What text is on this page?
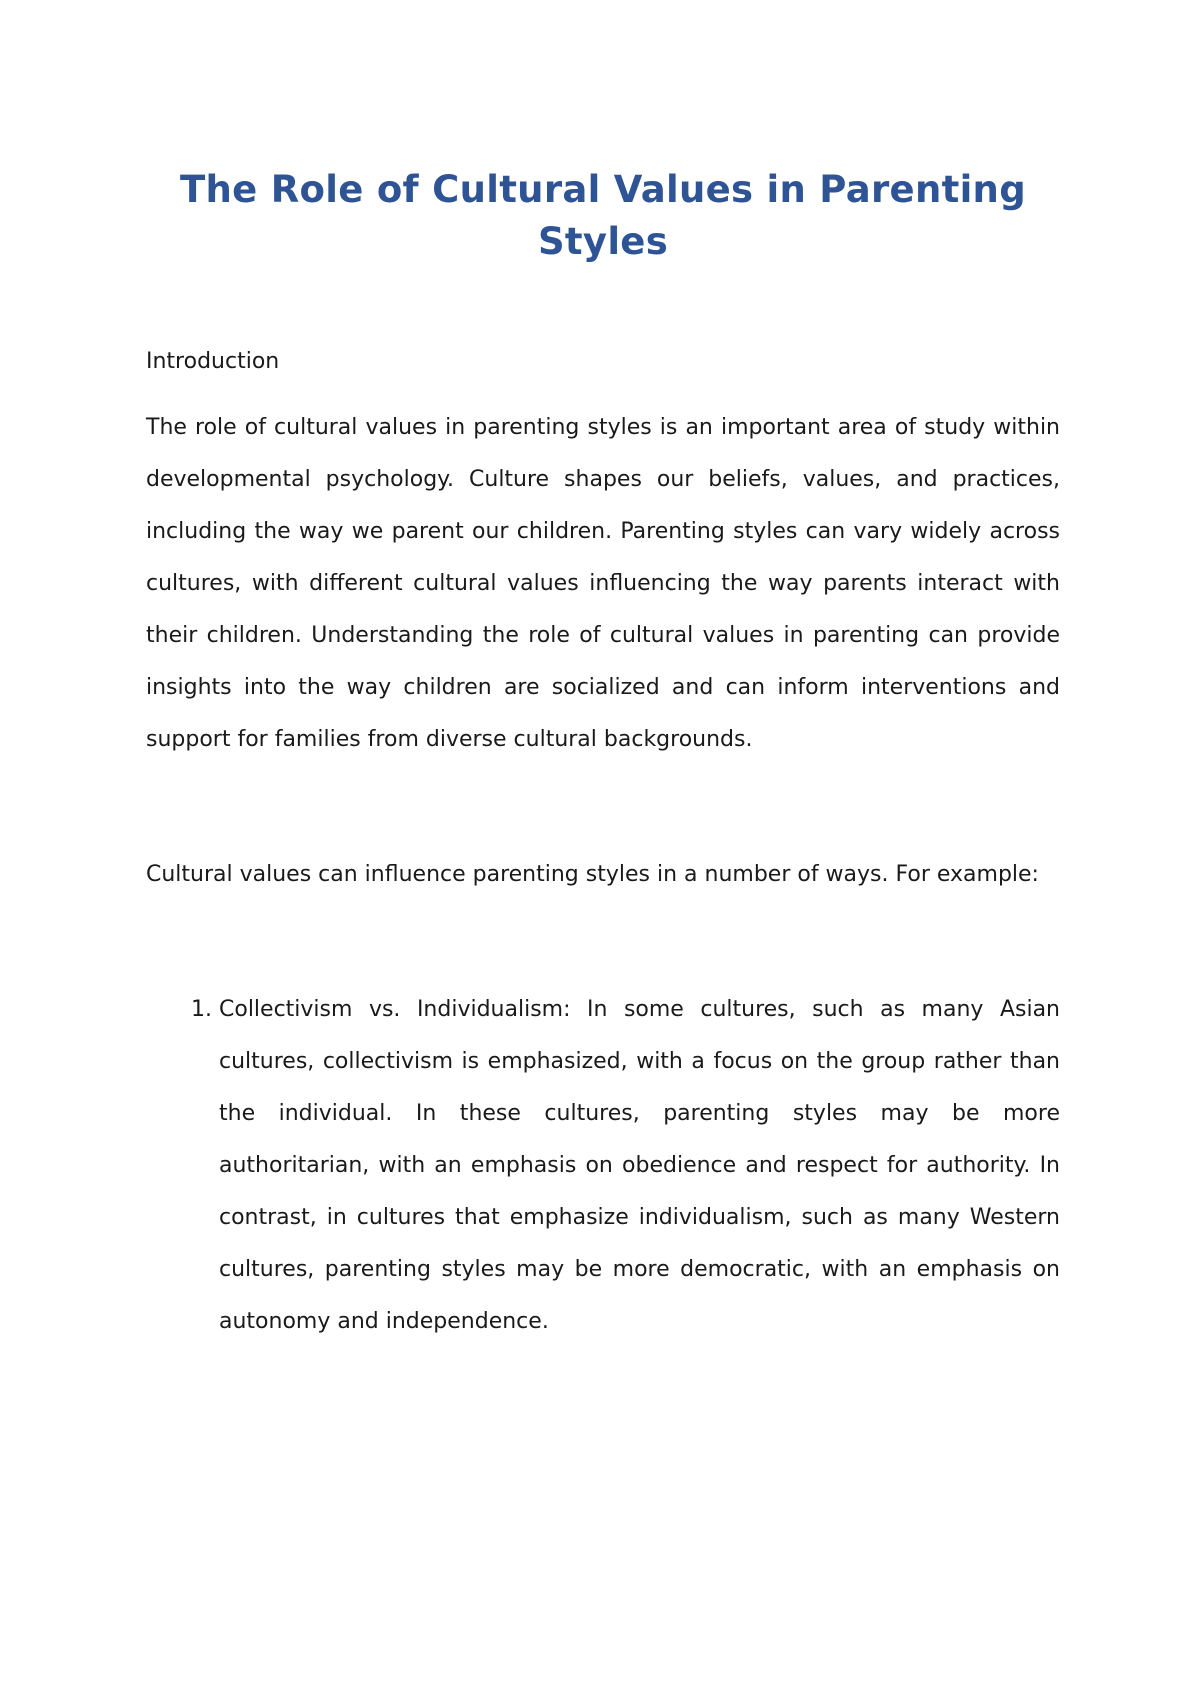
The Role of Cultural Values in Parenting Styles
Introduction

The role of cultural values in parenting styles is an important area of study within developmental psychology. Culture shapes our beliefs, values, and practices, including the way we parent our children. Parenting styles can vary widely across cultures, with different cultural values influencing the way parents interact with their children. Understanding the role of cultural values in parenting can provide insights into the way children are socialized and can inform interventions and support for families from diverse cultural backgrounds.

Cultural values can influence parenting styles in a number of ways. For example:

1. Collectivism vs. Individualism: In some cultures, such as many Asian cultures, collectivism is emphasized, with a focus on the group rather than the individual. In these cultures, parenting styles may be more authoritarian, with an emphasis on obedience and respect for authority. In contrast, in cultures that emphasize individualism, such as many Western cultures, parenting styles may be more democratic, with an emphasis on autonomy and independence.
